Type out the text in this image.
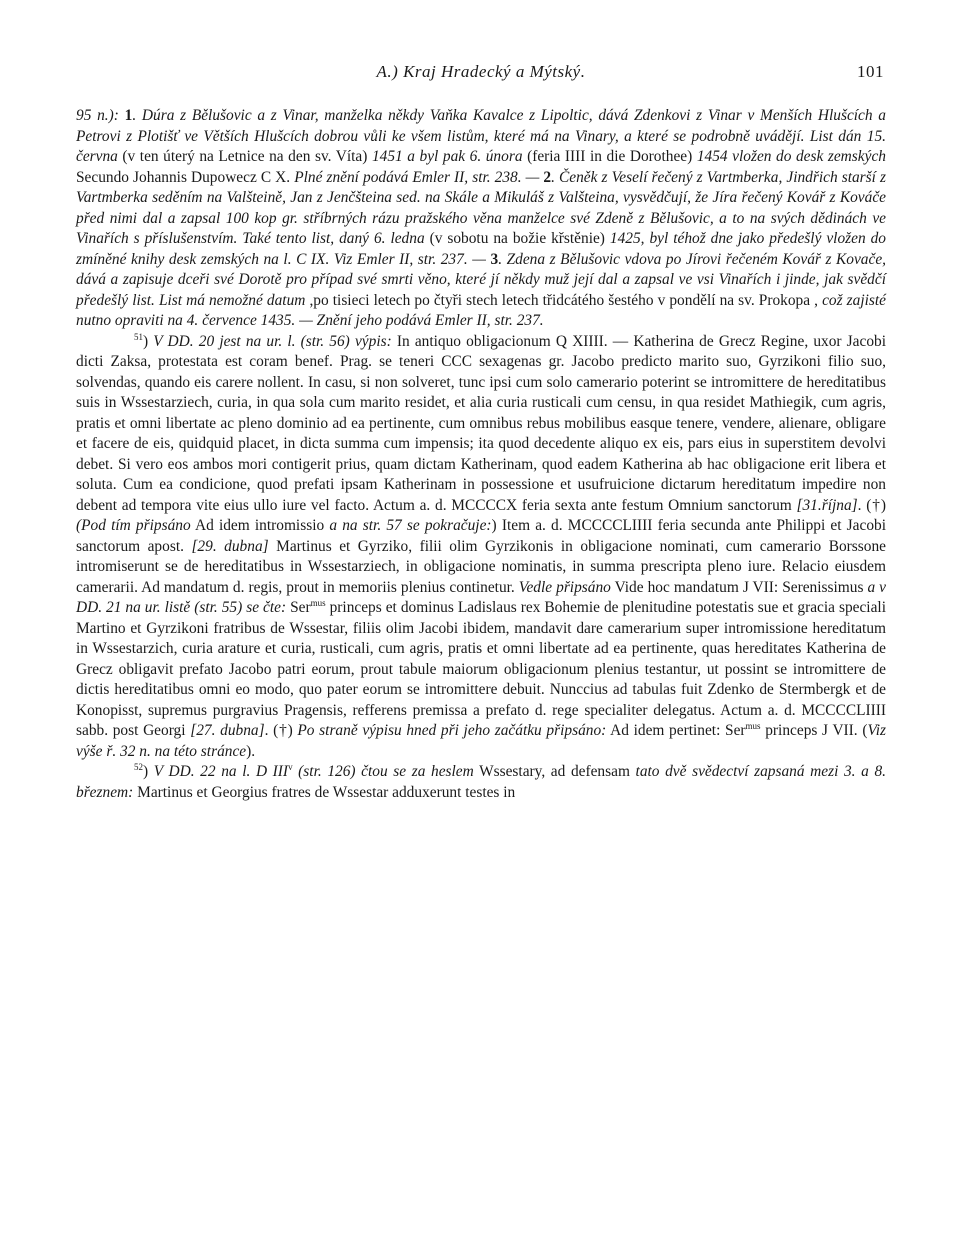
A.) Kraj Hradecký a Mýtský.	101

95 n.): 1. Dúra z Bělušovic a z Vinar, manželka někdy Vaňka Kavalce z Lipoltic, dává Zdenkovi z Vinar v Menších Hlušcích a Petrovi z Plotišť ve Větších Hlušcích dobrou vůli ke všem listům, které má na Vinary, a které se podrobně uvádějí. List dán 15. června (v ten úterý na Letnice na den sv. Víta) 1451 a byl pak 6. února (feria IIII in die Dorothee) 1454 vložen do desk zemských Secundo Johannis Dupowecz C X. Plné znění podává Emler II, str. 238. — 2. Čeněk z Veselí řečený z Vartmberka, Jindřich starší z Vartmberka seděním na Valšteině, Jan z Jenčšteina sed. na Skále a Mikuláš z Valšteina, vysvědčují, že Jíra řečený Kovář z Kováče před nimi dal a zapsal 100 kop gr. stříbrných rázu pražského věna manželce své Zdeně z Bělušovic, a to na svých dědinách ve Vinařích s příslušenstvím. Také tento list, daný 6. ledna (v sobotu na božie křstěnie) 1425, byl téhož dne jako předešlý vložen do zmíněné knihy desk zemských na l. C IX. Viz Emler II, str. 237. — 3. Zdena z Bělušovic vdova po Jírovi řečeném Kovář z Kovače, dává a zapisuje dceři své Dorotě pro případ své smrti věno, které jí někdy muž její dal a zapsal ve vsi Vinařích i jinde, jak svědčí předešlý list. List má nemožné datum ,po tisieci letech po čtyři stech letech třidcátého šestého v pondělí na sv. Prokopa , což zajisté nutno opraviti na 4. července 1435. — Znění jeho podává Emler II, str. 237.

$^{51}$) V DD. 20 jest na ur. l. (str. 56) výpis: In antiquo obligacionum Q XIIII. — Katherina de Grecz Regine, uxor Jacobi dicti Zaksa, protestata est coram benef. Prag. se teneri CCC sexagenas gr. Jacobo predicto marito suo, Gyrzikoni filio suo, solvendas, quando eis carere nollent. In casu, si non solveret, tunc ipsi cum solo camerario poterint se intromittere de hereditatibus suis in Wssestarziech, curia, in qua sola cum marito residet, et alia curia rusticali cum censu, in qua residet Mathiegik, cum agris, pratis et omni libertate ac pleno dominio ad ea pertinente, cum omnibus rebus mobilibus easque tenere, vendere, alienare, obligare et facere de eis, quidquid placet, in dicta summa cum impensis; ita quod decedente aliquo ex eis, pars eius in superstitem devolvi debet. Si vero eos ambos mori contigerit prius, quam dictam Katherinam, quod eadem Katherina ab hac obligacione erit libera et soluta. Cum ea condicione, quod prefati ipsam Katherinam in possessione et usufruicione dictarum hereditatum impedire non debent ad tempora vite eius ullo iure vel facto. Actum a. d. MCCCCX feria sexta ante festum Omnium sanctorum [31.října]. (†) (Pod tím připsáno Ad idem intromissio a na str. 57 se pokračuje:) Item a. d. MCCCCLIIII feria secunda ante Philippi et Jacobi sanctorum apost. [29. dubna] Martinus et Gyrziko, filii olim Gyrzikonis in obligacione nominati, cum camerario Borssone intromiserunt se de hereditatibus in Wssestarziech, in obligacione nominatis, in summa prescripta pleno iure. Relacio eiusdem camerarii. Ad mandatum d. regis, prout in memoriis plenius continetur. Vedle připsáno Vide hoc mandatum J VII: Serenissimus a v DD. 21 na ur. listě (str. 55) se čte: Ser$^{mus}$ princeps et dominus Ladislaus rex Bohemie de plenitudine potestatis sue et gracia speciali Martino et Gyrzikoni fratribus de Wssestar, filiis olim Jacobi ibidem, mandavit dare camerarium super intromissione hereditatum in Wssestarzich, curia arature et curia, rusticali, cum agris, pratis et omni libertate ad ea pertinente, quas hereditates Katherina de Grecz obligavit prefato Jacobo patri eorum, prout tabule maiorum obligacionum plenius testantur, ut possint se intromittere de dictis hereditatibus omni eo modo, quo pater eorum se intromittere debuit. Nunccius ad tabulas fuit Zdenko de Stermbergk et de Konopisst, supremus purgravius Pragensis, refferens premissa a prefato d. rege specialiter delegatus. Actum a. d. MCCCCLIIII sabb. post Georgi [27. dubna]. (†) Po straně výpisu hned při jeho začátku připsáno: Ad idem pertinet: Ser$^{mus}$ princeps J VII. (Viz výše ř. 32 n. na této stránce).

$^{52}$) V DD. 22 na l. D III$^v$ (str. 126) čtou se za heslem Wssestary, ad defensam tato dvě svědectví zapsaná mezi 3. a 8. březnem: Martinus et Georgius fratres de Wssestar adduxerunt testes in
